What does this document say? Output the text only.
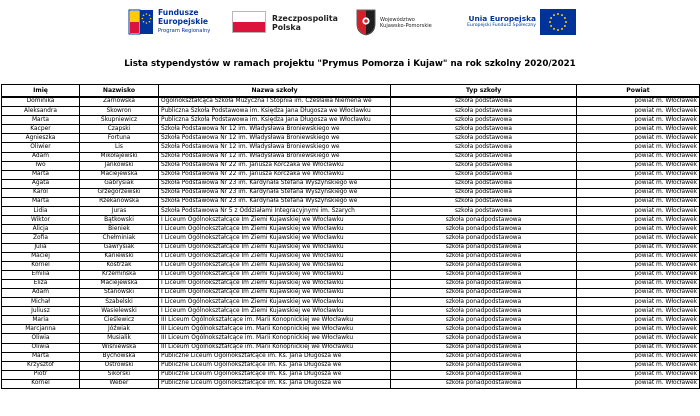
Fundusze
Europejskie
Program Regionalny
Rzeczpospolita
Polska
Województwo
Kujawsko-Pomorskie
Unia Europejska
Europejski Fundusz Społeczny
Lista stypendystów w ramach projektu "Prymus Pomorza i Kujaw" na rok szkolny 2020/2021
Imię	Nazwisko	Nazwa szkoły	Typ szkoły	Powiat
Dominika	Żarnowska	Ogólnokształcąca Szkoła Muzyczna I Stopnia im. Czesława Niemena we	szkoła podstawowa	powiat m. Włocławek
Aleksandra	Skowron	Publiczna Szkoła Podstawowa im. Księdza Jana Długosza we Włocławku	szkoła podstawowa	powiat m. Włocławek
Marta	Skupniewicz	Publiczna Szkoła Podstawowa im. Księdza Jana Długosza we Włocławku	szkoła podstawowa	powiat m. Włocławek
Kacper	Czapski	Szkoła Podstawowa Nr 12 im. Władysława Broniewskiego we	szkoła podstawowa	powiat m. Włocławek
Agnieszka	Fortuna	Szkoła Podstawowa Nr 12 im. Władysława Broniewskiego we	szkoła podstawowa	powiat m. Włocławek
Oliwier	Lis	Szkoła Podstawowa Nr 12 im. Władysława Broniewskiego we	szkoła podstawowa	powiat m. Włocławek
Adam	Mikołajewski	Szkoła Podstawowa Nr 12 im. Władysława Broniewskiego we	szkoła podstawowa	powiat m. Włocławek
Iwo	Jankowski	Szkoła Podstawowa Nr 22 im. Janusza Korczaka we Włocławku	szkoła podstawowa	powiat m. Włocławek
Marta	Maciejewska	Szkoła Podstawowa Nr 22 im. Janusza Korczaka we Włocławku	szkoła podstawowa	powiat m. Włocławek
Agata	Gabrysiak	Szkoła Podstawowa Nr 23 im. Kardynała Stefana Wyszyńskiego we	szkoła podstawowa	powiat m. Włocławek
Karol	Grzegorzewski	Szkoła Podstawowa Nr 23 im. Kardynała Stefana Wyszyńskiego we	szkoła podstawowa	powiat m. Włocławek
Marta	Rzekanowska	Szkoła Podstawowa Nr 23 im. Kardynała Stefana Wyszyńskiego we	szkoła podstawowa	powiat m. Włocławek
Lidia	Juras	Szkoła Podstawowa Nr 5 z Oddziałami Integracyjnymi im. Szarych	szkoła podstawowa	powiat m. Włocławek
Wiktor	Bątkowski	I Liceum Ogólnokształcące Im Ziemi Kujawskiej we Włocławku	szkoła ponadpodstawowa	powiat m. Włocławek
Alicja	Bieniek	I Liceum Ogólnokształcące Im Ziemi Kujawskiej we Włocławku	szkoła ponadpodstawowa	powiat m. Włocławek
Zofia	Chełminiak	I Liceum Ogólnokształcące Im Ziemi Kujawskiej we Włocławku	szkoła ponadpodstawowa	powiat m. Włocławek
Julia	Gawrysiak	I Liceum Ogólnokształcące Im Ziemi Kujawskiej we Włocławku	szkoła ponadpodstawowa	powiat m. Włocławek
Maciej	Kaniewski	I Liceum Ogólnokształcące Im Ziemi Kujawskiej we Włocławku	szkoła ponadpodstawowa	powiat m. Włocławek
Kornel	Kostrzak	I Liceum Ogólnokształcące Im Ziemi Kujawskiej we Włocławku	szkoła ponadpodstawowa	powiat m. Włocławek
Emilia	Krzemińska	I Liceum Ogólnokształcące Im Ziemi Kujawskiej we Włocławku	szkoła ponadpodstawowa	powiat m. Włocławek
Eliza	Maciejewska	I Liceum Ogólnokształcące Im Ziemi Kujawskiej we Włocławku	szkoła ponadpodstawowa	powiat m. Włocławek
Adam	Stanowski	I Liceum Ogólnokształcące Im Ziemi Kujawskiej we Włocławku	szkoła ponadpodstawowa	powiat m. Włocławek
Michał	Szabelski	I Liceum Ogólnokształcące Im Ziemi Kujawskiej we Włocławku	szkoła ponadpodstawowa	powiat m. Włocławek
Juliusz	Wasielewski	I Liceum Ogólnokształcące Im Ziemi Kujawskiej we Włocławku	szkoła ponadpodstawowa	powiat m. Włocławek
Maria	Cieślewicz	III Liceum Ogólnokształcące im. Marii Konopnickiej we Włocławku	szkoła ponadpodstawowa	powiat m. Włocławek
Marcjanna	Jóźwiak	III Liceum Ogólnokształcące im. Marii Konopnickiej we Włocławku	szkoła ponadpodstawowa	powiat m. Włocławek
Oliwia	Musialik	III Liceum Ogólnokształcące im. Marii Konopnickiej we Włocławku	szkoła ponadpodstawowa	powiat m. Włocławek
Oliwia	Wiśniewska	III Liceum Ogólnokształcące im. Marii Konopnickiej we Włocławku	szkoła ponadpodstawowa	powiat m. Włocławek
Marta	Bychowska	Publiczne Liceum Ogólnokształcące im. Ks. Jana Długosza we	szkoła ponadpodstawowa	powiat m. Włocławek
Krzysztof	Ostrowski	Publiczne Liceum Ogólnokształcące im. Ks. Jana Długosza we	szkoła ponadpodstawowa	powiat m. Włocławek
Piotr	Sikorski	Publiczne Liceum Ogólnokształcące im. Ks. Jana Długosza we	szkoła ponadpodstawowa	powiat m. Włocławek
Kornel	Weber	Publiczne Liceum Ogólnokształcące im. Ks. Jana Długosza we	szkoła ponadpodstawowa	powiat m. Włocławek
